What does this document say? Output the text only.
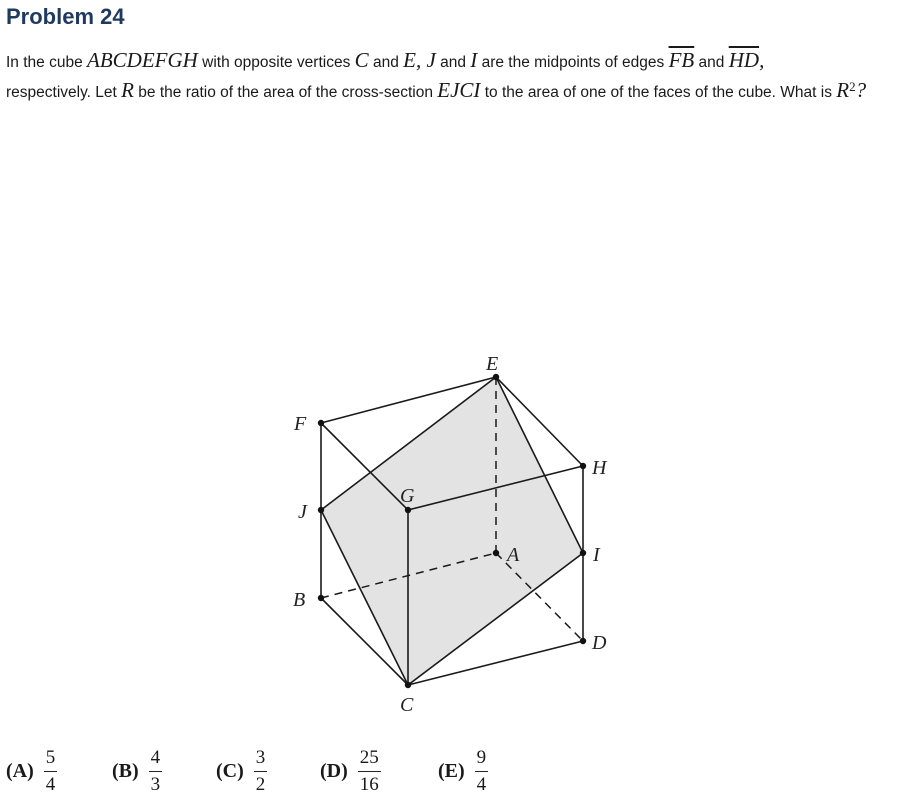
Problem 24
In the cube ABCDEFGH with opposite vertices C and E, J and I are the midpoints of edges $\overline{FB}$ and $\overline{HD}$,
respectively. Let R be the ratio of the area of the cross-section EJCI to the area of one of the faces of the cube. What is $R^2$?
E
F
H
G
J
A	I
B
D
C
$(A) \frac{5}{4}$	$(B) \frac{4}{3}$	$(C) \frac{3}{2}$	$(D) \frac{25}{16}$	$(E) \frac{9}{4}$
